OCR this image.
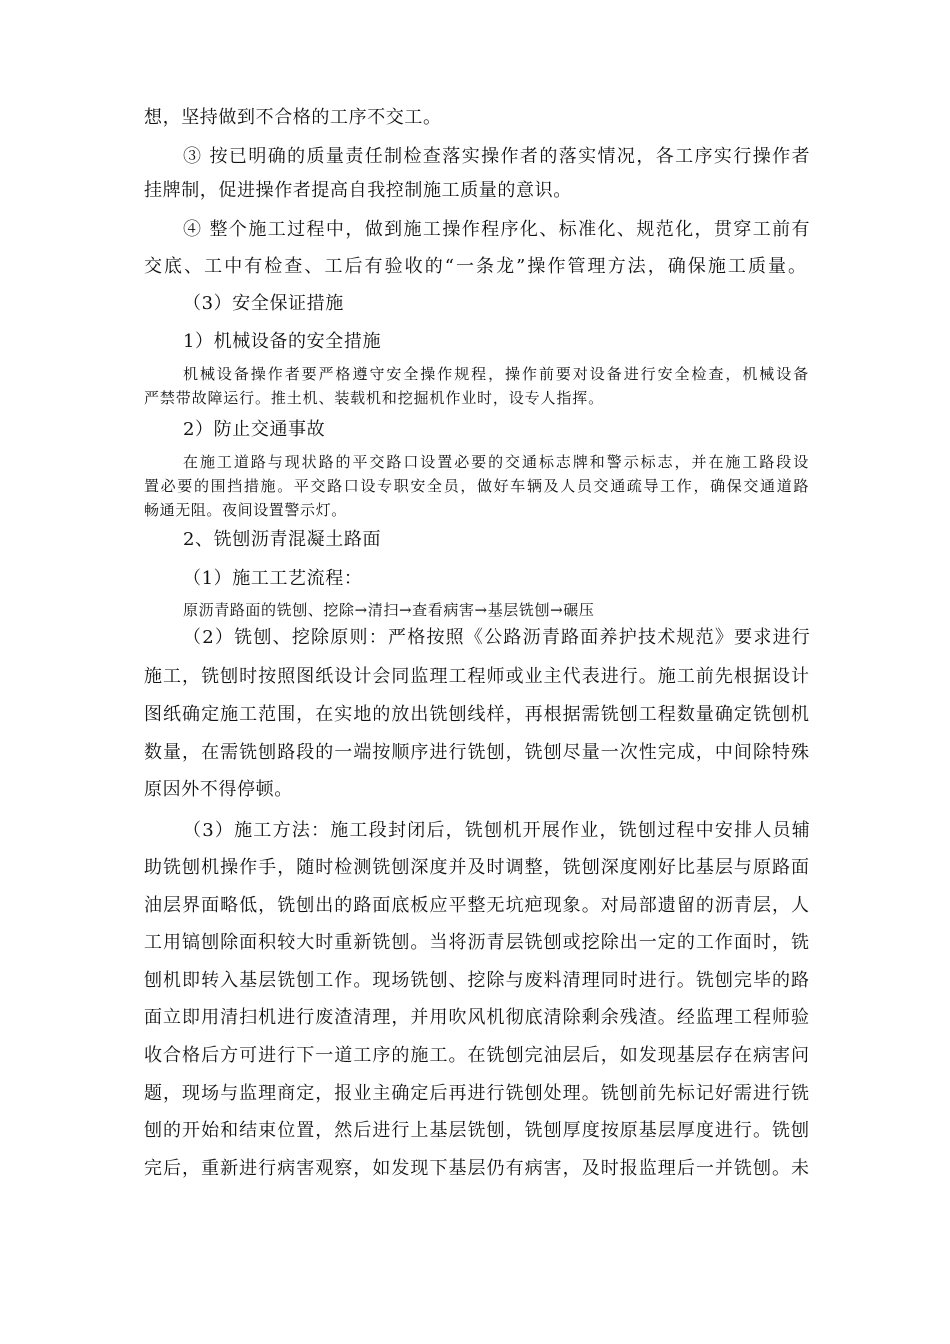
想，坚持做到不合格的工序不交工。
③ 按已明确的质量责任制检查落实操作者的落实情况，各工序实行操作者
挂牌制，促进操作者提高自我控制施工质量的意识。
④ 整个施工过程中，做到施工操作程序化、标准化、规范化，贯穿工前有
交底、工中有检查、工后有验收的“一条龙”操作管理方法，确保施工质量。
（3）安全保证措施
1）机械设备的安全措施
机械设备操作者要严格遵守安全操作规程，操作前要对设备进行安全检查，机械设备
严禁带故障运行。推土机、装载机和挖掘机作业时，设专人指挥。
2）防止交通事故
在施工道路与现状路的平交路口设置必要的交通标志牌和警示标志，并在施工路段设
置必要的围挡措施。平交路口设专职安全员，做好车辆及人员交通疏导工作，确保交通道路
畅通无阻。夜间设置警示灯。
2、铣刨沥青混凝土路面
（1）施工工艺流程：
原沥青路面的铣刨、挖除→清扫→查看病害→基层铣刨→碾压
（2）铣刨、挖除原则：严格按照《公路沥青路面养护技术规范》要求进行
施工，铣刨时按照图纸设计会同监理工程师或业主代表进行。施工前先根据设计
图纸确定施工范围，在实地的放出铣刨线样，再根据需铣刨工程数量确定铣刨机
数量，在需铣刨路段的一端按顺序进行铣刨，铣刨尽量一次性完成，中间除特殊
原因外不得停顿。
（3）施工方法：施工段封闭后，铣刨机开展作业，铣刨过程中安排人员辅
助铣刨机操作手，随时检测铣刨深度并及时调整，铣刨深度刚好比基层与原路面
油层界面略低，铣刨出的路面底板应平整无坑疤现象。对局部遗留的沥青层，人
工用镐刨除面积较大时重新铣刨。当将沥青层铣刨或挖除出一定的工作面时，铣
刨机即转入基层铣刨工作。现场铣刨、挖除与废料清理同时进行。铣刨完毕的路
面立即用清扫机进行废渣清理，并用吹风机彻底清除剩余残渣。经监理工程师验
收合格后方可进行下一道工序的施工。在铣刨完油层后，如发现基层存在病害问
题，现场与监理商定，报业主确定后再进行铣刨处理。铣刨前先标记好需进行铣
刨的开始和结束位置，然后进行上基层铣刨，铣刨厚度按原基层厚度进行。铣刨
完后，重新进行病害观察，如发现下基层仍有病害，及时报监理后一并铣刨。未
